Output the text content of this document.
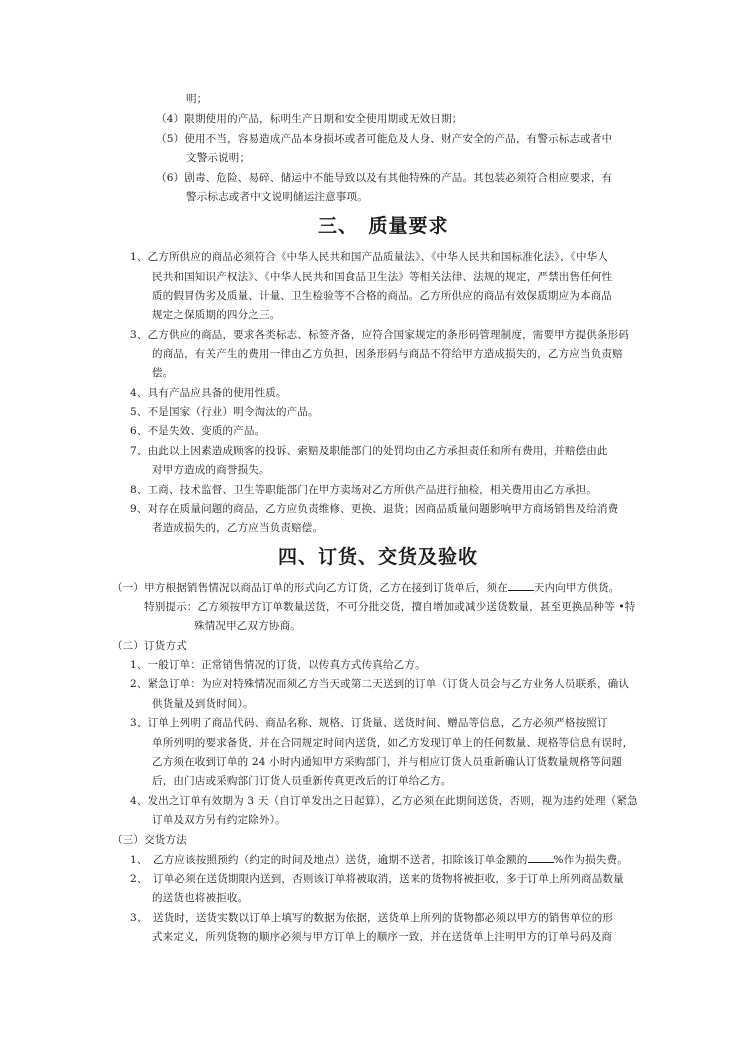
明；
（4）限期使用的产品，标明生产日期和安全使用期或无效日期；
（5）使用不当，容易造成产品本身损坏或者可能危及人身、财产安全的产品，有警示标志或者中
文警示说明；
（6）剧毒、危险、易碎、储运中不能导致以及有其他特殊的产品。其包装必须符合相应要求，有
警示标志或者中文说明储运注意事项。
三、　质量要求
1、乙方所供应的商品必须符合《中华人民共和国产品质量法》、《中华人民共和国标准化法》、《中华人
民共和国知识产权法》、《中华人民共和国食品卫生法》等相关法律、法规的规定，严禁出售任何性
质的假冒伪劣及质量、计量、卫生检验等不合格的商品。乙方所供应的商品有效保质期应为本商品
规定之保质期的四分之三。
3、乙方供应的商品，要求各类标志、标签齐备，应符合国家规定的条形码管理制度，需要甲方提供条形码
的商品，有关产生的费用一律由乙方负担，因条形码与商品不符给甲方造成损失的，乙方应当负责赔
偿。
4、具有产品应具备的使用性质。
5、不是国家（行业）明令淘汰的产品。
6、不是失效、变质的产品。
7、由此以上因素造成顾客的投诉、索赔及职能部门的处罚均由乙方承担责任和所有费用，并赔偿由此
对甲方造成的商誉损失。
8、工商、技术监督、卫生等职能部门在甲方卖场对乙方所供产品进行抽检，相关费用由乙方承担。
9、对存在质量问题的商品，乙方应负责维修、更换、退货；因商品质量问题影响甲方商场销售及给消费
者造成损失的，乙方应当负责赔偿。
四、订货、交货及验收
（一）甲方根据销售情况以商品订单的形式向乙方订货，乙方在接到订货单后，须在 天内向甲方供货。
特别提示：乙方须按甲方订单数量送货，不可分批交货，擅自增加或减少送货数量，甚至更换品种等 •特
殊情况甲乙双方协商。
（二）订货方式
1、一般订单：正常销售情况的订货，以传真方式传真给乙方。
2、紧急订单：为应对特殊情况而须乙方当天或第二天送到的订单（订货人员会与乙方业务人员联系，确认
供货量及到货时间）。
3、订单上列明了商品代码、商品名称、规格、订货量、送货时间、赠品等信息，乙方必须严格按照订
单所列明的要求备货，并在合同规定时间内送货，如乙方发现订单上的任何数量、规格等信息有误时，
乙方须在收到订单的 24 小时内通知甲方采购部门，并与相应订货人员重新确认订货数量规格等问题
后，由门店或采购部门订货人员重新传真更改后的订单给乙方。
4、发出之订单有效期为 3 天（自订单发出之日起算），乙方必须在此期间送货，否则，视为违约处理（紧急
订单及双方另有约定除外）。
（三）交货方法
1、　乙方应该按照预约（约定的时间及地点）送货，逾期不送者，扣除该订单金额的 %作为损失费。
2、　订单必须在送货期限内送到，否则该订单将被取消，送来的货物将被拒收，多于订单上所列商品数量
的送货也将被拒收。
3、　送货时，送货实数以订单上填写的数据为依据，送货单上所列的货物都必须以甲方的销售单位的形
式来定义，所列货物的顺序必须与甲方订单上的顺序一致，并在送货单上注明甲方的订单号码及商
